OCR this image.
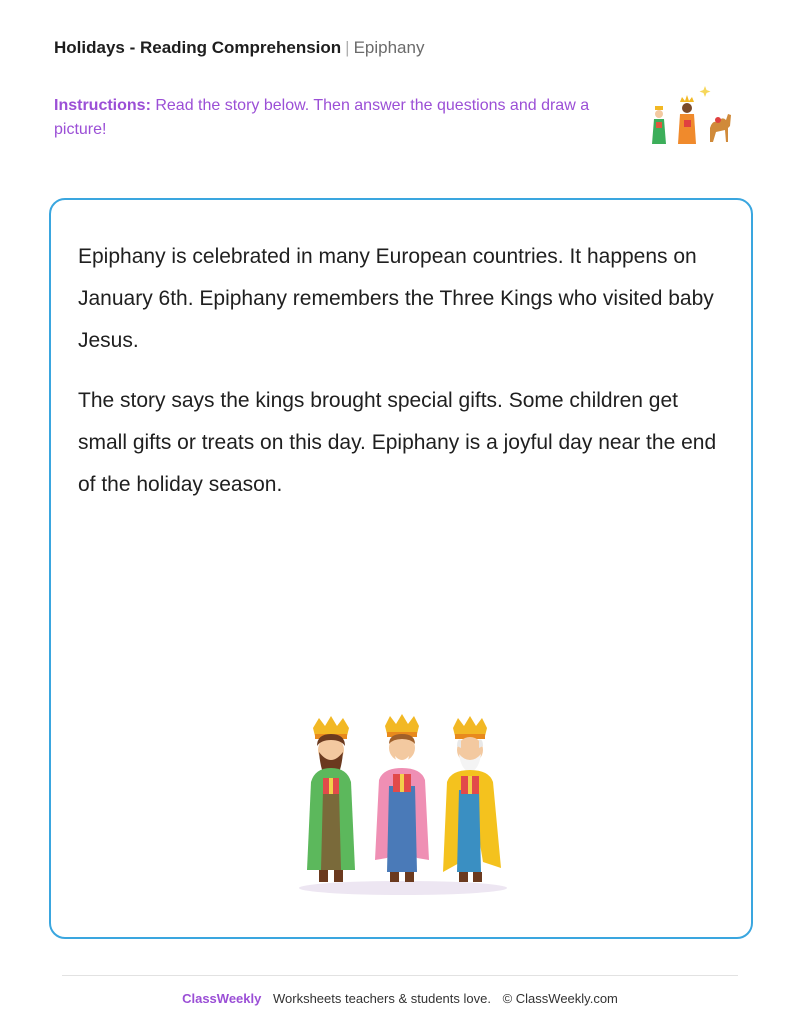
Holidays - Reading Comprehension | Epiphany
Instructions: Read the story below. Then answer the questions and draw a picture!

Epiphany is celebrated in many European countries. It happens on January 6th. Epiphany remembers the Three Kings who visited baby Jesus.

The story says the kings brought special gifts. Some children get small gifts or treats on this day. Epiphany is a joyful day near the end of the holiday season.

ClassWeekly Worksheets teachers & students love. © ClassWeekly.com
